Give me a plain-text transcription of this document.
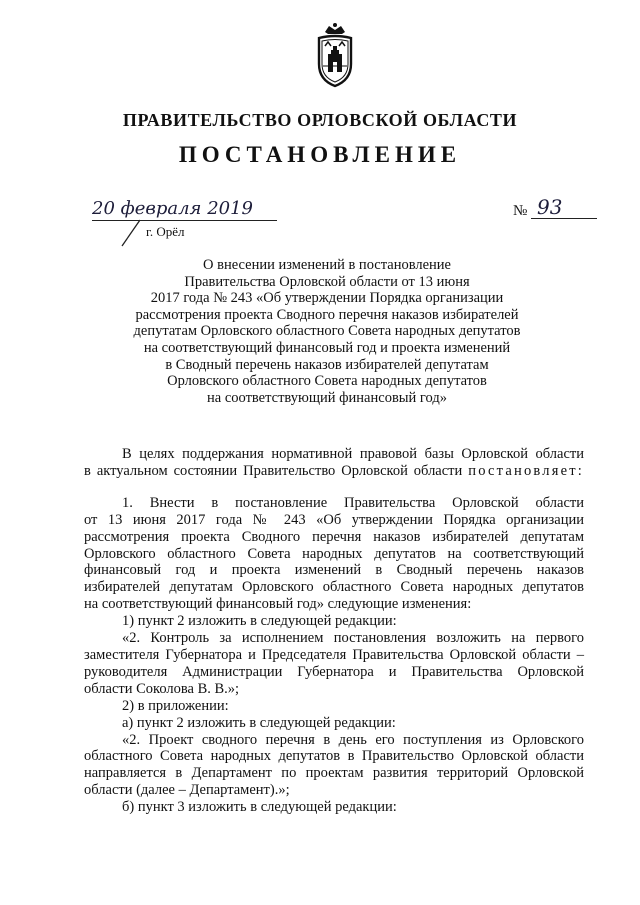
ПРАВИТЕЛЬСТВО ОРЛОВСКОЙ ОБЛАСТИ
ПОСТАНОВЛЕНИЕ
20 февраля 2019
г. Орёл
№ 93
О внесении изменений в постановление
Правительства Орловской области от 13 июня
2017 года № 243 «Об утверждении Порядка организации
рассмотрения проекта Сводного перечня наказов избирателей
депутатам Орловского областного Совета народных депутатов
на соответствующий финансовый год и проекта изменений
в Сводный перечень наказов избирателей депутатам
Орловского областного Совета народных депутатов
на соответствующий финансовый год»
В целях поддержания нормативной правовой базы Орловской области
в актуальном состоянии Правительство Орловской области постановляет:
1. Внести в постановление Правительства Орловской области
от 13 июня 2017 года № 243 «Об утверждении Порядка организации
рассмотрения проекта Сводного перечня наказов избирателей депутатам
Орловского областного Совета народных депутатов на соответствующий
финансовый год и проекта изменений в Сводный перечень наказов
избирателей депутатам Орловского областного Совета народных депутатов
на соответствующий финансовый год» следующие изменения:
1) пункт 2 изложить в следующей редакции:
«2. Контроль за исполнением постановления возложить на первого
заместителя Губернатора и Председателя Правительства Орловской области –
руководителя Администрации Губернатора и Правительства Орловской
области Соколова В. В.»;
2) в приложении:
а) пункт 2 изложить в следующей редакции:
«2. Проект сводного перечня в день его поступления из Орловского
областного Совета народных депутатов в Правительство Орловской области
направляется в Департамент по проектам развития территорий Орловской
области (далее – Департамент).»;
б) пункт 3 изложить в следующей редакции:
